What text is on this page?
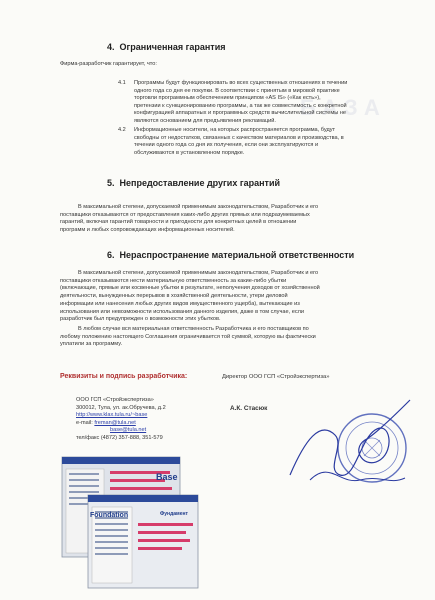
Б А З А
4. Ограниченная гарантия
Фирма-разработчик гарантирует, что:
4.1 Программы будут функционировать во всех существенных отношениях в течении
одного года со дня ее покупки. В соответствии с принятым в мировой практике
торговли программным обеспечением принципом «AS IS» («Как есть»),
претензии к сункционированию программы, а так же совместимость с конкретной
конфигурацией аппаратных и программных средств вычислительной системы не
являются основанием для предъявления рекламаций.
4.2 Информационные носители, на которых распространяется программа, будут
свободны от недостатков, связанных с качеством материалов и производства, в
течении одного года со дня их получения, если они эксплуатируются и
обслуживаются в установленном порядке.
5. Непредоставление других гарантий
В максимальной степени, допускаемой применимым законодательством, Разработчик и его
поставщики отказываются от предоставления каких-либо других прямых или подразумеваемых
гарантий, включая гарантий товарности и пригодности для конкретных целей в отношении
программ и любых сопровождающих информационных носителей.
6. Нераспространение материальной ответственности
В максимальной степени, допускаемой применимым законодательством, Разработчик и его
поставщики отказываются нести материальную ответственность за какие-либо убытки
(включающие, прямые или косвенные убытки в результате, неполучения доходов от хозяйственной
деятельности, вынужденных перерывов в хозяйственной деятельности, утери деловой
информации или нанесения любых других видов имущественного ущерба), вытекающие из
использования или невозможности использования данного изделия, даже в том случае, если
разработчик был предупрежден о возможности этих убытков.
В любом случае вся материальная ответственность Разработчика и его поставщиков по
любому положению настоящего Соглашения ограничивается той суммой, которую вы фактически
уплатили за программу.
Реквизиты и подпись разработчика:	Директор ООО ГСП «Стройэкспертиза»
ООО ГСП «Стройэкспертиза»
300012, Тула, ул. ак.Обручева, д.2
http://www.klax.tula.ru/~base
e-mail: freman@tula.net
base@tula.net
тел/факс (4872) 357-888, 351-579
А.К. Стасюк
Base
Foundation	Фундамент
